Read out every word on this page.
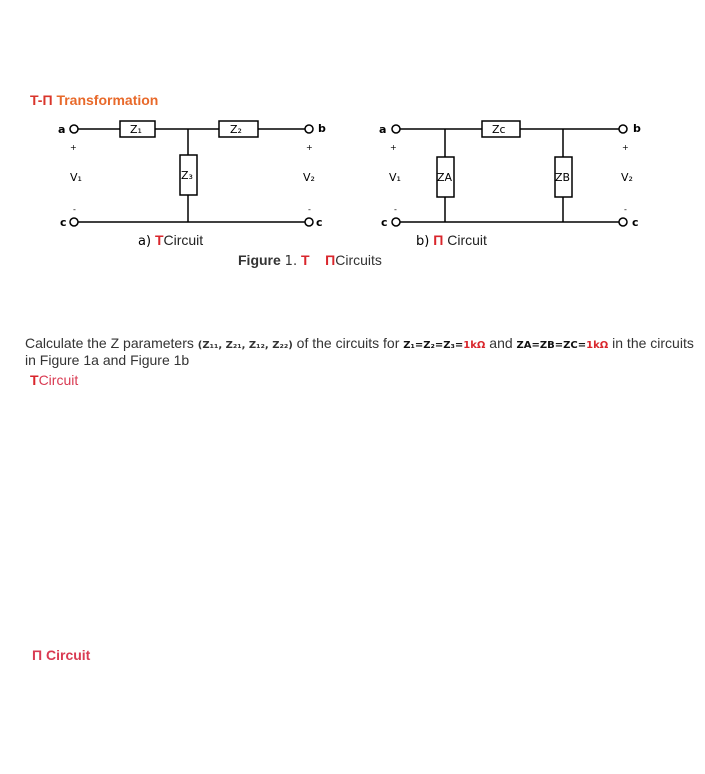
T-Π Transformation
a	b
c	c
+
-
+
-
V₁	V₂
Z₁	Z₂
Z₃
a	b
c	c
+
-
+
-
V₁	V₂
Zc
ZA	ZB
a) TCircuit	b) Π Circuit
Figure 1. T ΠCircuits
Calculate the Z parameters (Z₁₁, Z₂₁, Z₁₂, Z₂₂) of the circuits for Z₁=Z₂=Z₃=1kΩ and ZA=ZB=ZC=1kΩ in the circuits in Figure 1a and Figure 1b
TCircuit
Π Circuit
